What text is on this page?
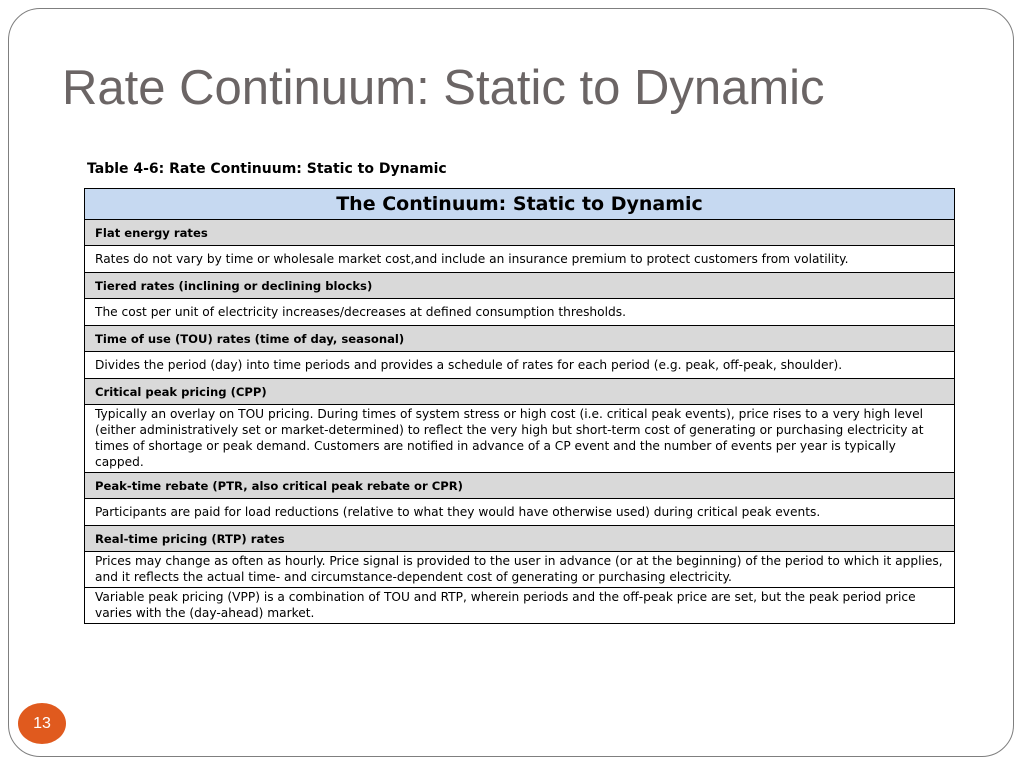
Rate Continuum: Static to Dynamic
Table 4-6: Rate Continuum: Static to Dynamic
The Continuum: Static to Dynamic
Flat energy rates
Rates do not vary by time or wholesale market cost,and include an insurance premium to protect customers from volatility.
Tiered rates (inclining or declining blocks)
The cost per unit of electricity increases/decreases at defined consumption thresholds.
Time of use (TOU) rates (time of day, seasonal)
Divides the period (day) into time periods and provides a schedule of rates for each period (e.g. peak, off-peak, shoulder).
Critical peak pricing (CPP)
Typically an overlay on TOU pricing. During times of system stress or high cost (i.e. critical peak events), price rises to a very high level (either administratively set or market-determined) to reflect the very high but short-term cost of generating or purchasing electricity at times of shortage or peak demand. Customers are notified in advance of a CP event and the number of events per year is typically capped.
Peak-time rebate (PTR, also critical peak rebate or CPR)
Participants are paid for load reductions (relative to what they would have otherwise used) during critical peak events.
Real-time pricing (RTP) rates
Prices may change as often as hourly. Price signal is provided to the user in advance (or at the beginning) of the period to which it applies, and it reflects the actual time- and circumstance-dependent cost of generating or purchasing electricity.
Variable peak pricing (VPP) is a combination of TOU and RTP, wherein periods and the off-peak price are set, but the peak period price varies with the (day-ahead) market.
13
